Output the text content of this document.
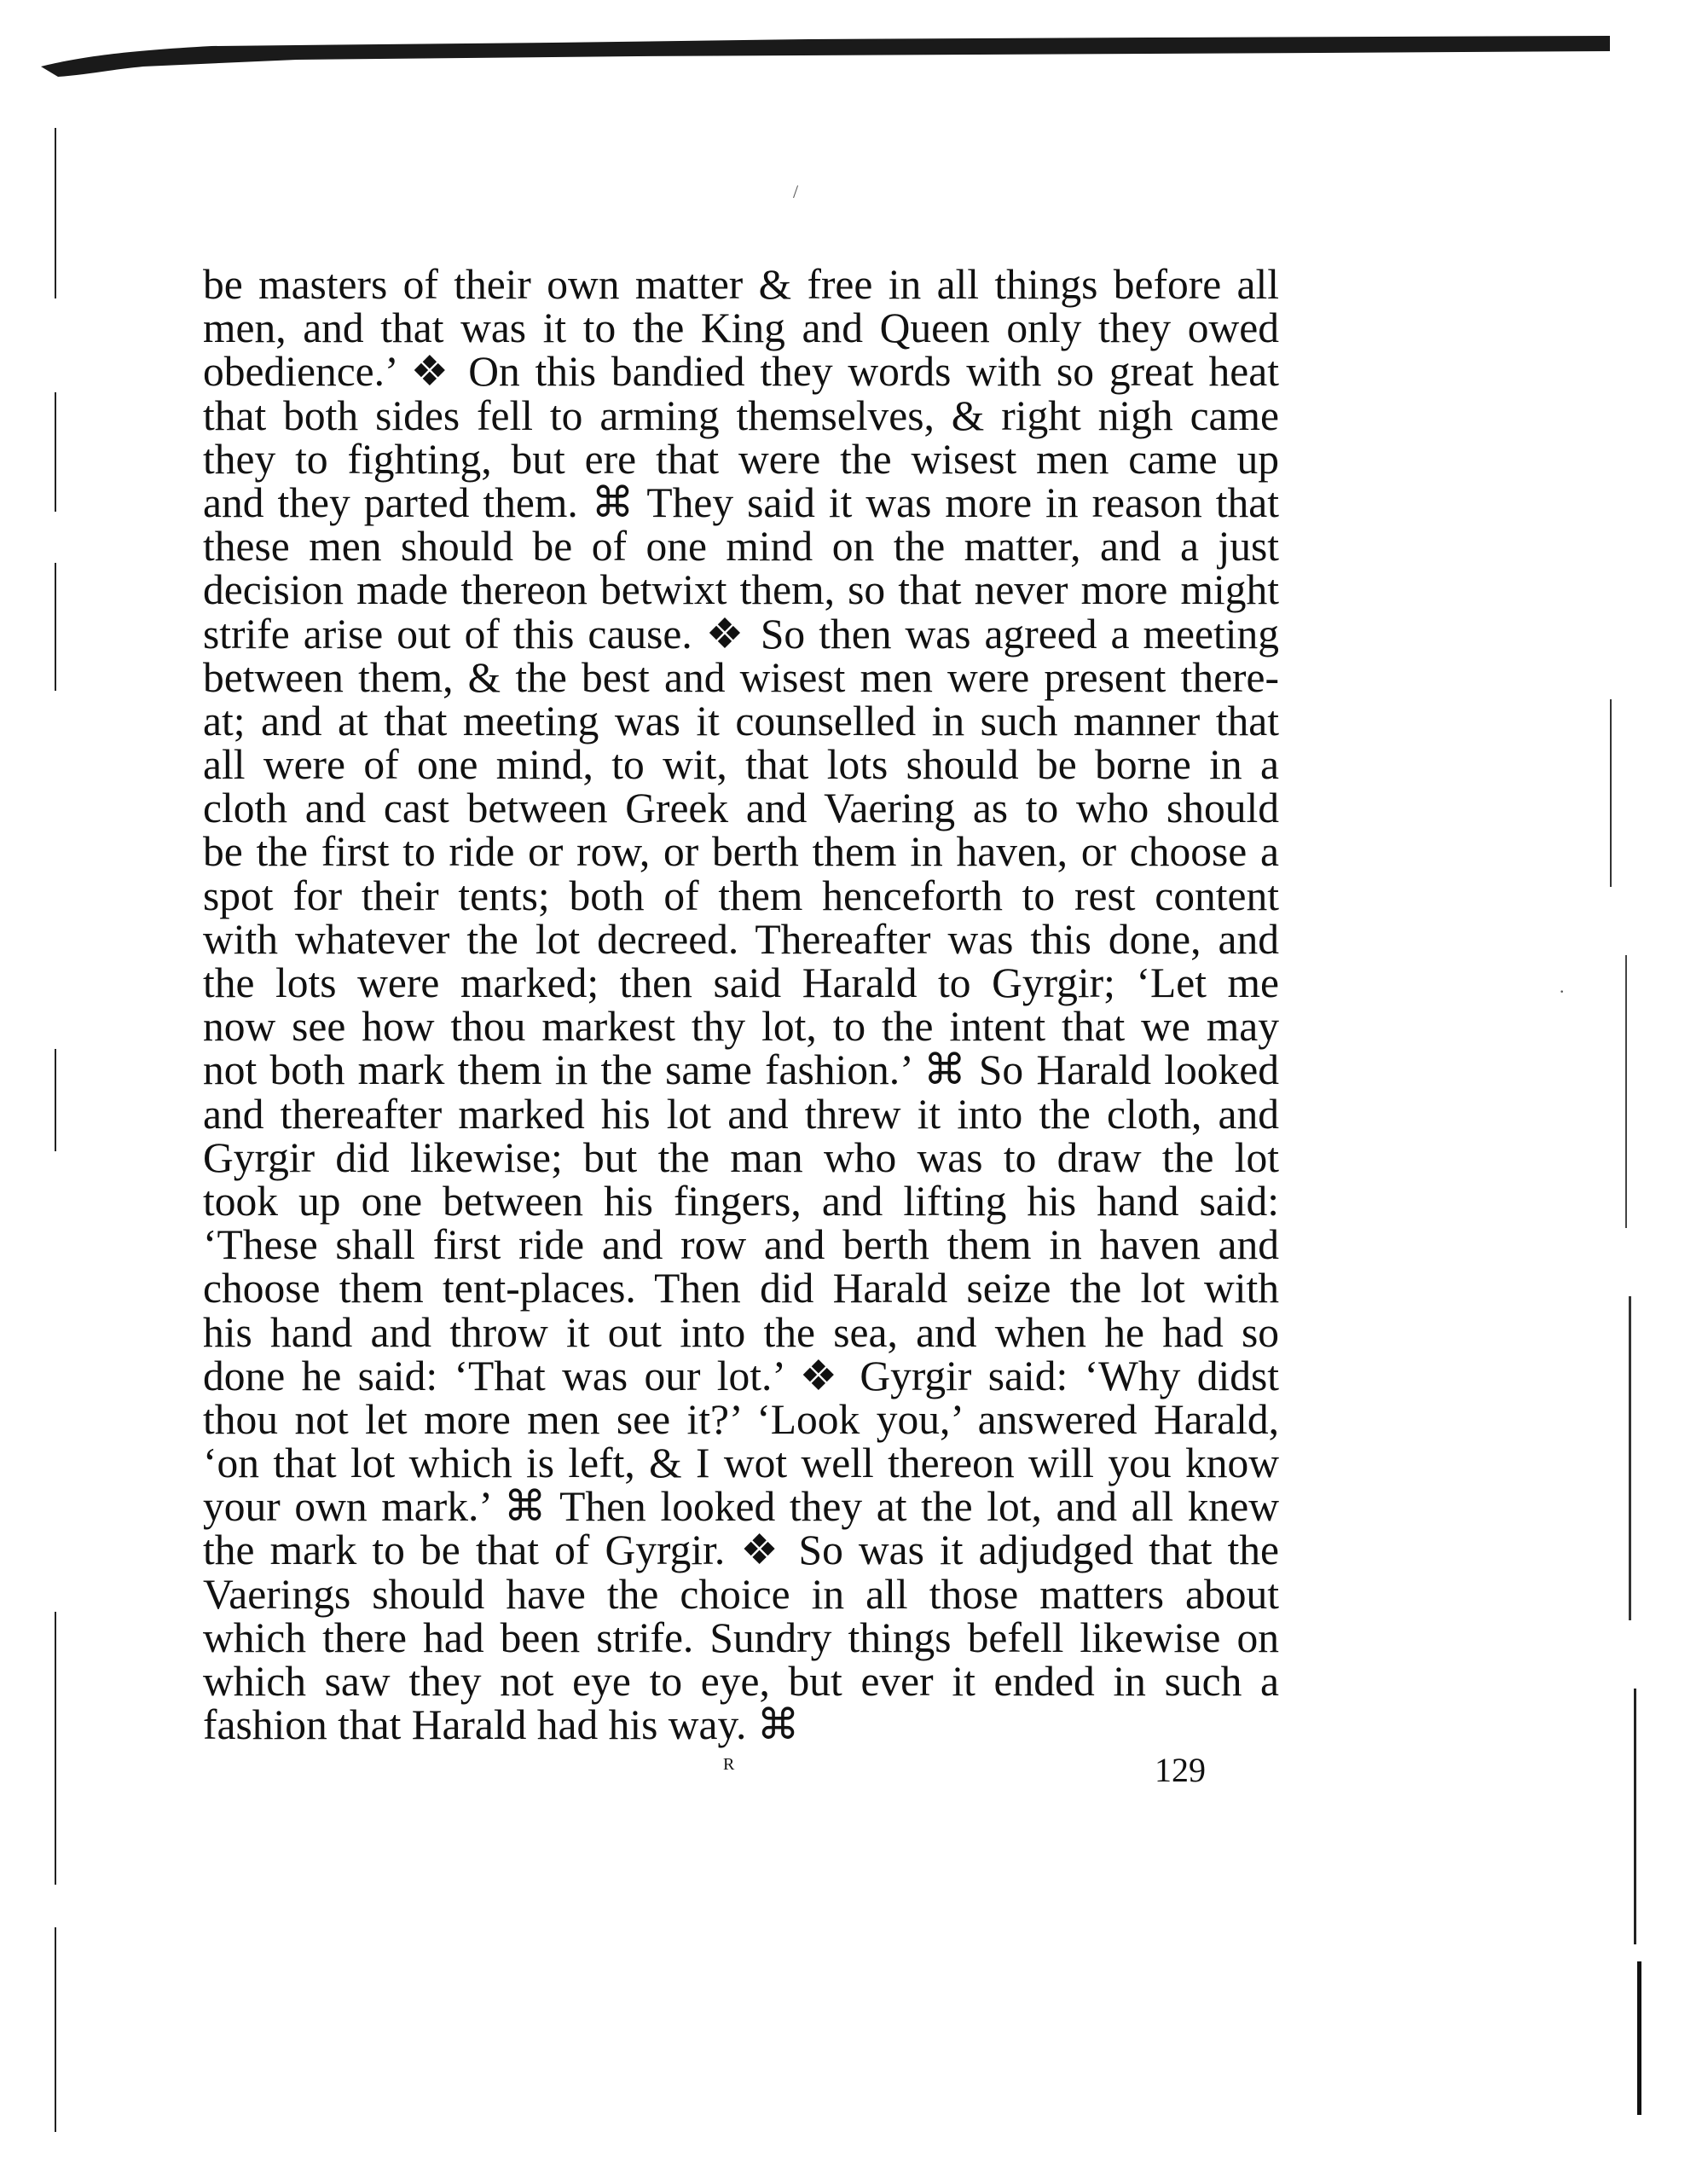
/
·
be masters of their own matter & free in all things before all
men, and that was it to the King and Queen only they owed
obedience.’ ❖ On this bandied they words with so great heat
that both sides fell to arming themselves, & right nigh came
they to fighting, but ere that were the wisest men came up
and they parted them. ⌘ They said it was more in reason that
these men should be of one mind on the matter, and a just
decision made thereon betwixt them, so that never more might
strife arise out of this cause. ❖ So then was agreed a meeting
between them, & the best and wisest men were present there-
at; and at that meeting was it counselled in such manner that
all were of one mind, to wit, that lots should be borne in a
cloth and cast between Greek and Vaering as to who should
be the first to ride or row, or berth them in haven, or choose a
spot for their tents; both of them henceforth to rest content
with whatever the lot decreed. Thereafter was this done, and
the lots were marked; then said Harald to Gyrgir; ‘Let me
now see how thou markest thy lot, to the intent that we may
not both mark them in the same fashion.’ ⌘ So Harald looked
and thereafter marked his lot and threw it into the cloth, and
Gyrgir did likewise; but the man who was to draw the lot
took up one between his fingers, and lifting his hand said:
‘These shall first ride and row and berth them in haven and
choose them tent-places. Then did Harald seize the lot with
his hand and throw it out into the sea, and when he had so
done he said: ‘That was our lot.’ ❖ Gyrgir said: ‘Why didst
thou not let more men see it?’ ‘Look you,’ answered Harald,
‘on that lot which is left, & I wot well thereon will you know
your own mark.’ ⌘ Then looked they at the lot, and all knew
the mark to be that of Gyrgir. ❖ So was it adjudged that the
Vaerings should have the choice in all those matters about
which there had been strife. Sundry things befell likewise on
which saw they not eye to eye, but ever it ended in such a
fashion that Harald had his way. ⌘
R	129
